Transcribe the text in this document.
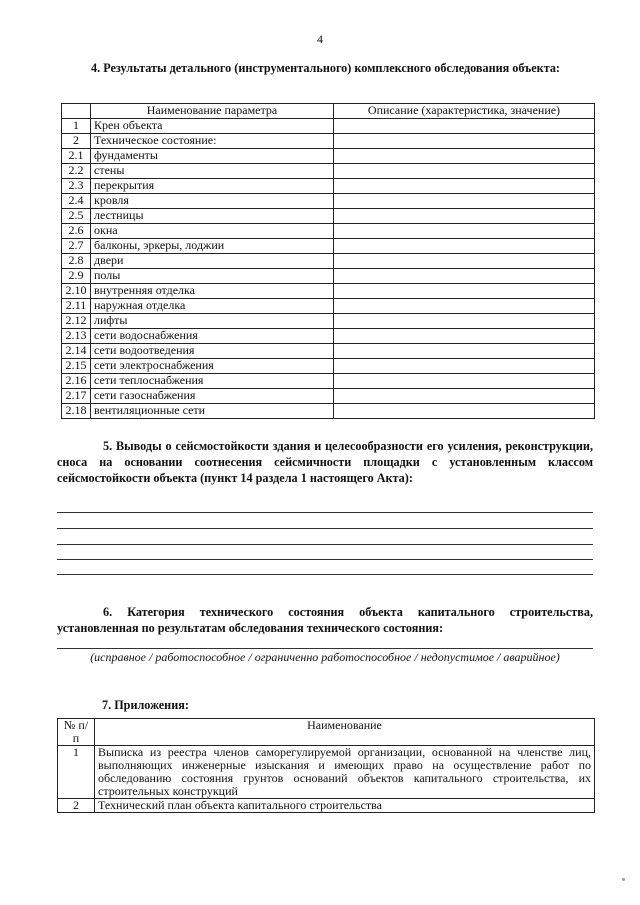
4
4. Результаты детального (инструментального) комплексного обследования объекта:
	Наименование параметра	Описание (характеристика, значение)
1	Крен объекта	
2	Техническое состояние:	
2.1	фундаменты	
2.2	стены	
2.3	перекрытия	
2.4	кровля	
2.5	лестницы	
2.6	окна	
2.7	балконы, эркеры, лоджии	
2.8	двери	
2.9	полы	
2.10	внутренняя отделка	
2.11	наружная отделка	
2.12	лифты	
2.13	сети водоснабжения	
2.14	сети водоотведения	
2.15	сети электроснабжения	
2.16	сети теплоснабжения	
2.17	сети газоснабжения	
2.18	вентиляционные сети	
5. Выводы о сейсмостойкости здания и целесообразности его усиления, реконструкции, сноса на основании соотнесения сейсмичности площадки с установленным классом сейсмостойкости объекта (пункт 14 раздела 1 настоящего Акта):
6. Категория технического состояния объекта капитального строительства, установленная по результатам обследования технического состояния:
(исправное / работоспособное / ограниченно работоспособное / недопустимое / аварийное)
7. Приложения:
№ п/п	Наименование
1	Выписка из реестра членов саморегулируемой организации, основанной на членстве лиц, выполняющих инженерные изыскания и имеющих право на осуществление работ по обследованию состояния грунтов оснований объектов капитального строительства, их строительных конструкций
2	Технический план объекта капитального строительства
